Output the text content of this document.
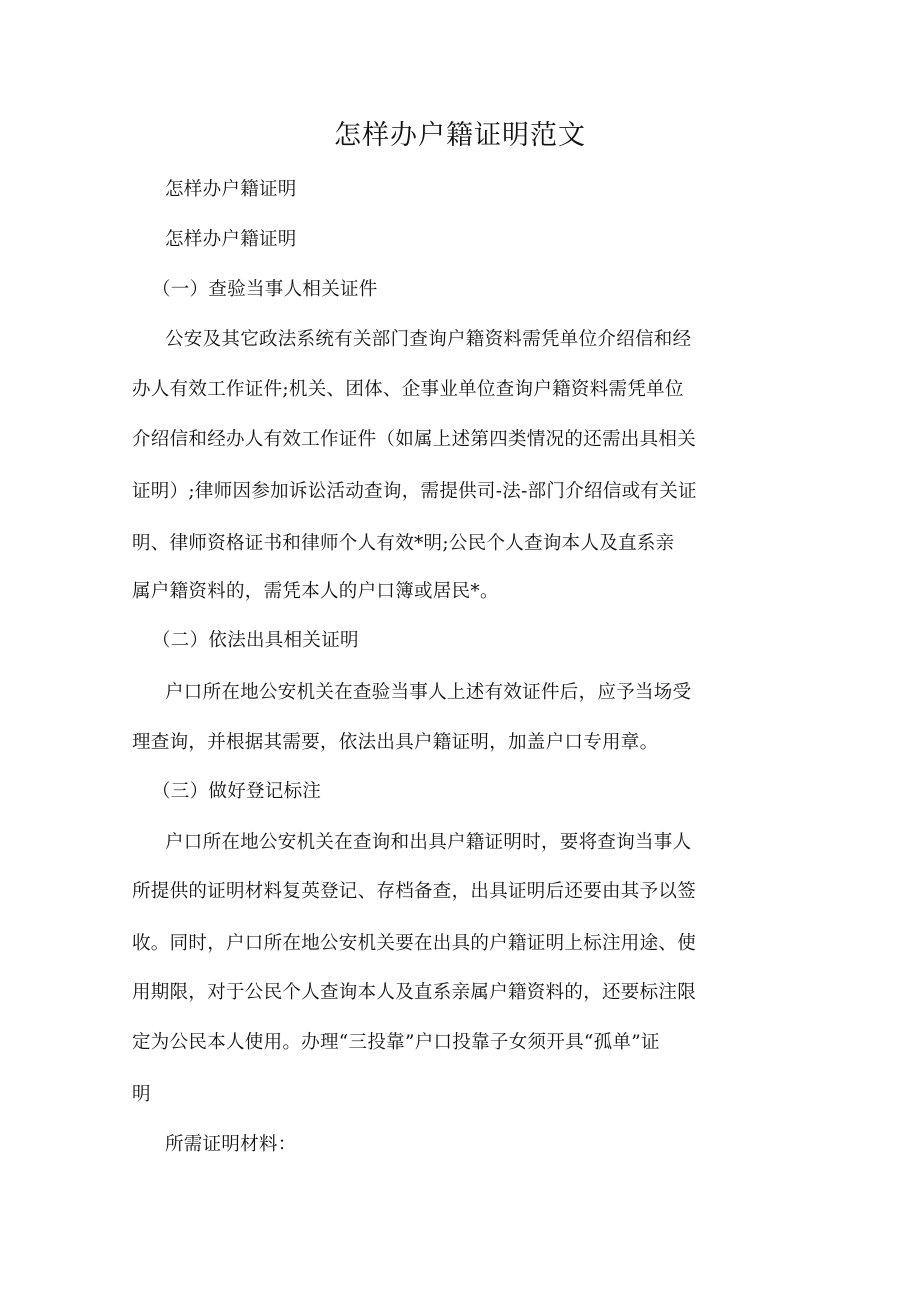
怎样办户籍证明范文
怎样办户籍证明
怎样办户籍证明
（一）查验当事人相关证件
公安及其它政法系统有关部门查询户籍资料需凭单位介绍信和经
办人有效工作证件;机关、团体、企事业单位查询户籍资料需凭单位
介绍信和经办人有效工作证件（如属上述第四类情况的还需出具相关
证明）;律师因参加诉讼活动查询，需提供司-法-部门介绍信或有关证
明、律师资格证书和律师个人有效*明;公民个人查询本人及直系亲
属户籍资料的，需凭本人的户口簿或居民*。
（二）依法出具相关证明
户口所在地公安机关在查验当事人上述有效证件后，应予当场受
理查询，并根据其需要，依法出具户籍证明，加盖户口专用章。
（三）做好登记标注
户口所在地公安机关在查询和出具户籍证明时，要将查询当事人
所提供的证明材料复英登记、存档备查，出具证明后还要由其予以签
收。同时，户口所在地公安机关要在出具的户籍证明上标注用途、使
用期限，对于公民个人查询本人及直系亲属户籍资料的，还要标注限
定为公民本人使用。办理“三投靠”户口投靠子女须开具“孤单”证
明
所需证明材料：
